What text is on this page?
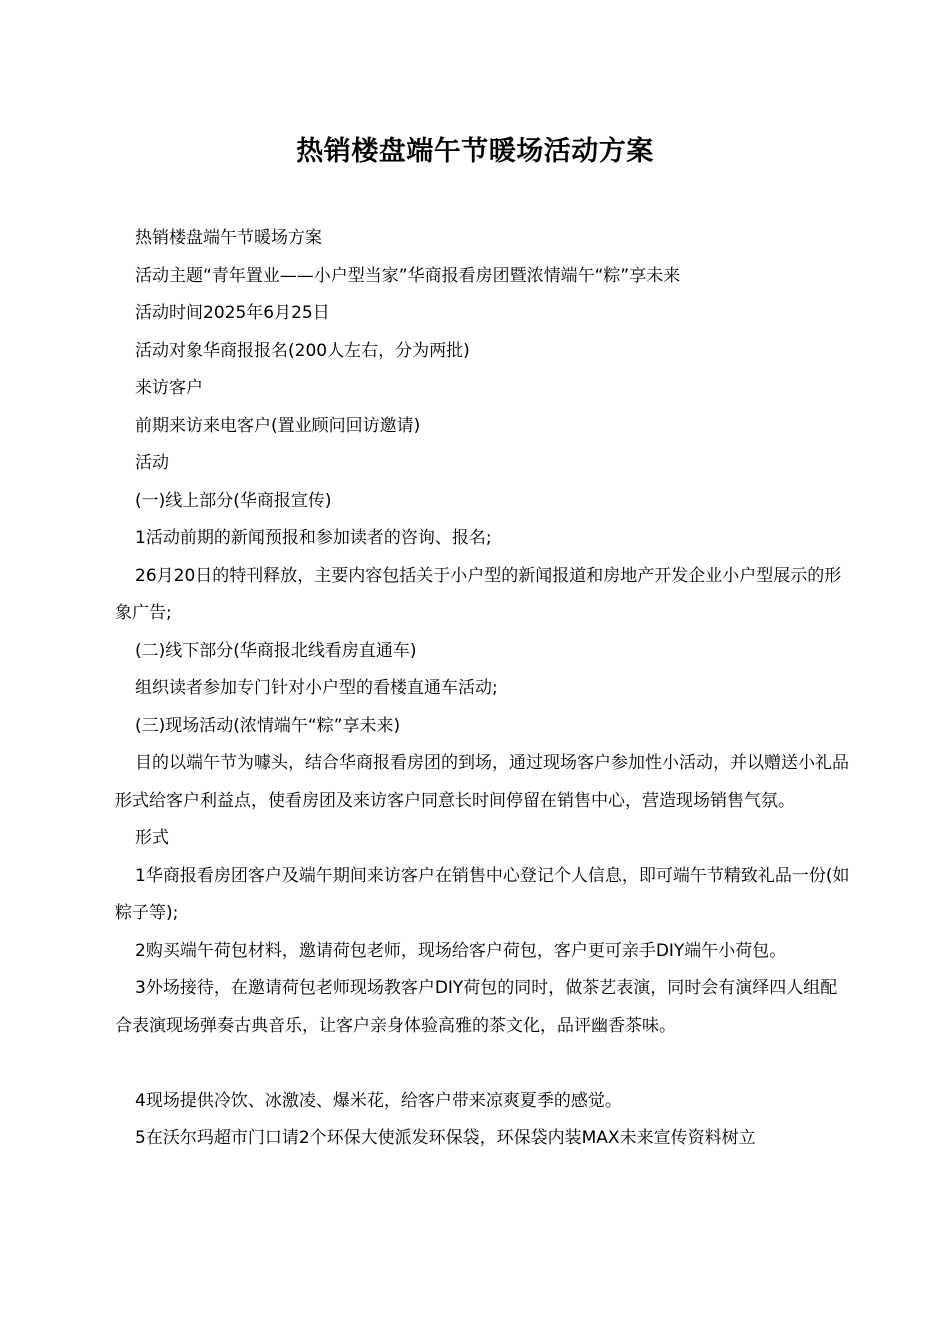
热销楼盘端午节暖场活动方案

热销楼盘端午节暖场方案

活动主题“青年置业——小户型当家”华商报看房团暨浓情端午“粽”享未来

活动时间2025年6月25日

活动对象华商报报名(200人左右，分为两批)

来访客户

前期来访来电客户(置业顾问回访邀请)

活动

(一)线上部分(华商报宣传)

1活动前期的新闻预报和参加读者的咨询、报名;

26月20日的特刊释放，主要内容包括关于小户型的新闻报道和房地产开发企业小户型展示的形象广告;

(二)线下部分(华商报北线看房直通车)

组织读者参加专门针对小户型的看楼直通车活动;

(三)现场活动(浓情端午“粽”享未来)

目的以端午节为噱头，结合华商报看房团的到场，通过现场客户参加性小活动，并以赠送小礼品形式给客户利益点，使看房团及来访客户同意长时间停留在销售中心，营造现场销售气氛。

形式

1华商报看房团客户及端午期间来访客户在销售中心登记个人信息，即可端午节精致礼品一份(如粽子等);

2购买端午荷包材料，邀请荷包老师，现场给客户荷包，客户更可亲手DIY端午小荷包。

3外场接待，在邀请荷包老师现场教客户DIY荷包的同时，做茶艺表演，同时会有演绎四人组配合表演现场弹奏古典音乐，让客户亲身体验高雅的茶文化，品评幽香茶味。

4现场提供冷饮、冰激凌、爆米花，给客户带来凉爽夏季的感觉。

5在沃尔玛超市门口请2个环保大使派发环保袋，环保袋内装MAX未来宣传资料树立
